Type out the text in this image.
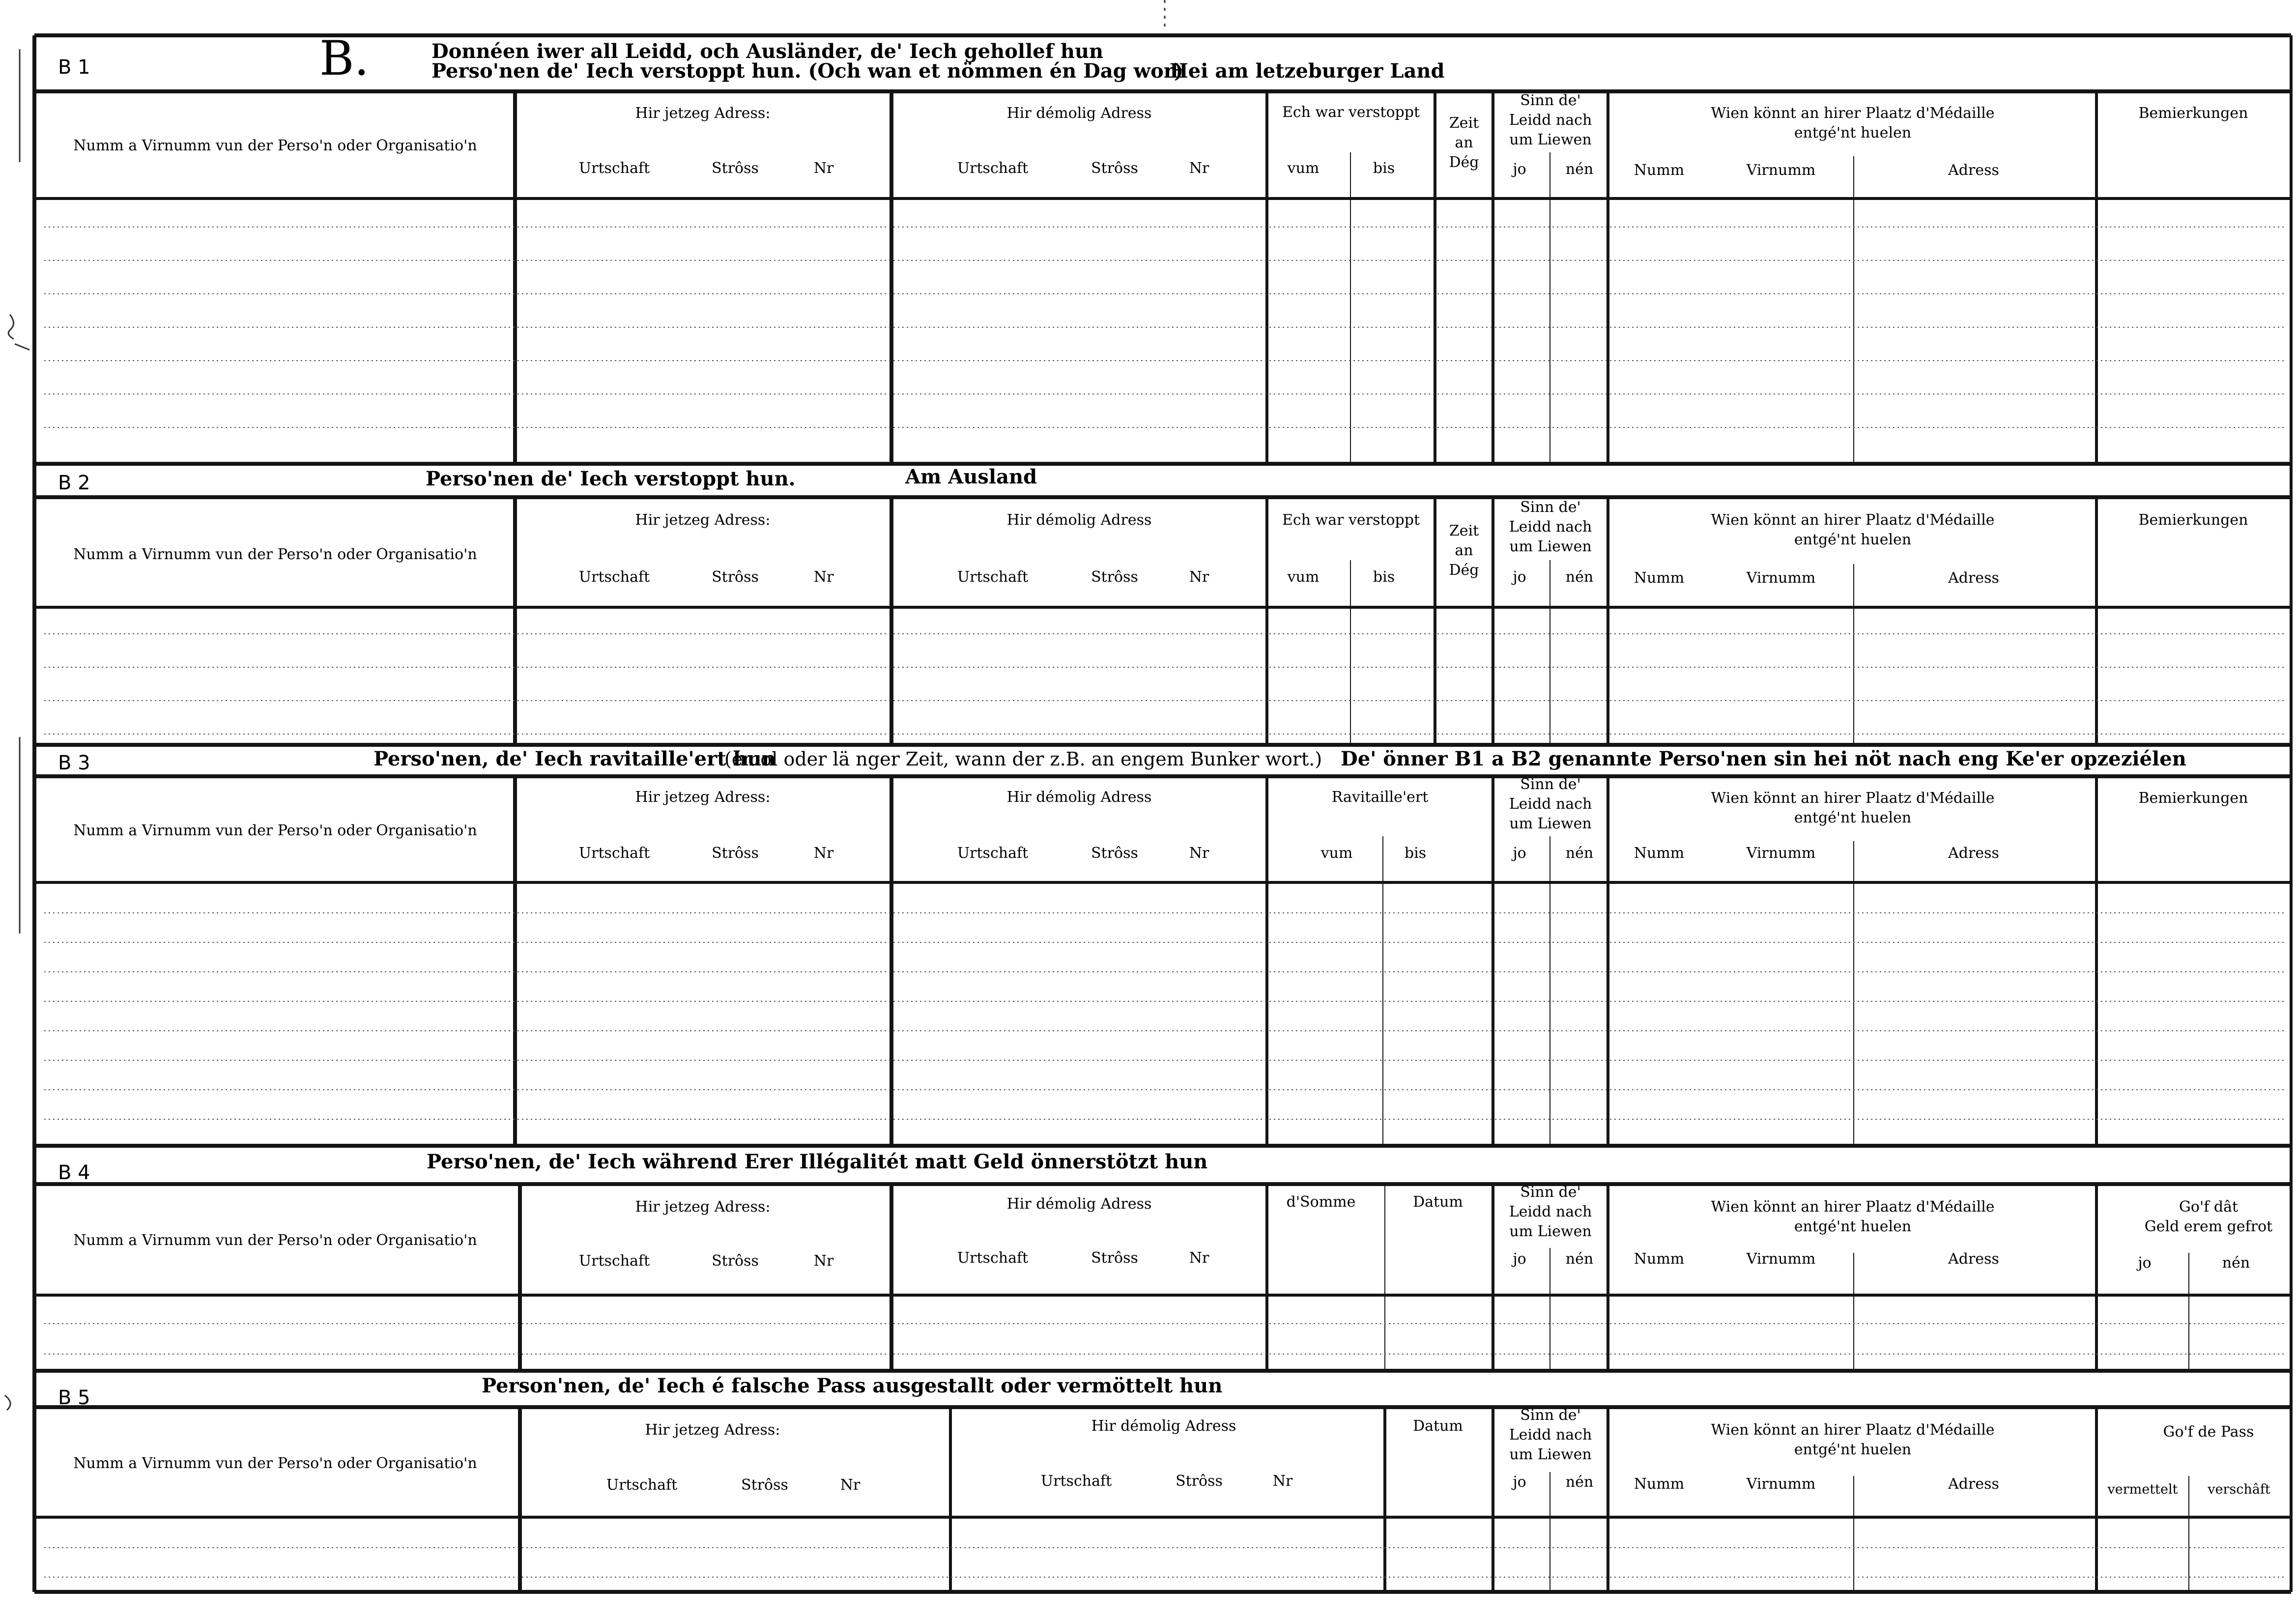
B.
B 1
Donnéen iwer all Leidd, och Ausländer, de' Iech gehollef hun
Perso'nen de' Iech verstoppt hun. (Och wan et nömmen én Dag wor)
Hei am letzeburger Land
Numm a Virnumm vun der Perso'n oder Organisatio'n
Hir jetzeg Adress:
Urtschaft	Strôss	Nr
Hir démolig Adress
Urtschaft	Strôss	Nr
Ech war verstoppt
vum	bis
Zeit
an
Dég
Sinn de'
Leidd nach
um Liewen
jo	nén
Wien könnt an hirer Plaatz d'Médaille
entgé'nt huelen
Numm	Virnumm	Adress
Bemierkungen
B 2	Perso'nen de' Iech verstoppt hun.	Am Ausland
Numm a Virnumm vun der Perso'n oder Organisatio'n
Hir jetzeg Adress:
Urtschaft	Strôss	Nr
Hir démolig Adress
Urtschaft	Strôss	Nr
Ech war verstoppt
vum	bis
Zeit
an
Dég
Sinn de'
Leidd nach
um Liewen
jo	nén
Wien könnt an hirer Plaatz d'Médaille
entgé'nt huelen
Numm	Virnumm	Adress
Bemierkungen
B 3	Perso'nen, de' Iech ravitaille'ert hun
(émol oder lä nger Zeit, wann der z.B. an engem Bunker wort.) De' önner B1 a B2 genannte Perso'nen sin hei nöt nach eng Ke'er opzeziélen
Numm a Virnumm vun der Perso'n oder Organisatio'n
Hir jetzeg Adress:
Urtschaft	Strôss	Nr
Hir démolig Adress
Urtschaft	Strôss	Nr
Ravitaille'ert
vum	bis
Sinn de'
Leidd nach
um Liewen
jo	nén
Wien könnt an hirer Plaatz d'Médaille
entgé'nt huelen
Numm	Virnumm	Adress
Bemierkungen
B 4	Perso'nen, de' Iech während Erer Illégalitét matt Geld önnerstötzt hun
Numm a Virnumm vun der Perso'n oder Organisatio'n
Hir jetzeg Adress:
Urtschaft	Strôss	Nr
Hir démolig Adress
Urtschaft	Strôss	Nr
d'Somme	Datum
Sinn de'
Leidd nach
um Liewen
jo	nén
Wien könnt an hirer Plaatz d'Médaille
entgé'nt huelen
Numm	Virnumm	Adress
Go'f dât
Geld erem gefrot
jo	nén
B 5
Person'nen, de' Iech é falsche Pass ausgestallt oder vermöttelt hun
Numm a Virnumm vun der Perso'n oder Organisatio'n
Hir jetzeg Adress:
Urtschaft	Strôss	Nr
Hir démolig Adress
Urtschaft	Strôss	Nr
Datum
Sinn de'
Leidd nach
um Liewen
jo	nén
Wien könnt an hirer Plaatz d'Médaille
entgé'nt huelen
Numm	Virnumm	Adress
Go'f de Pass
vermettelt verschâft
